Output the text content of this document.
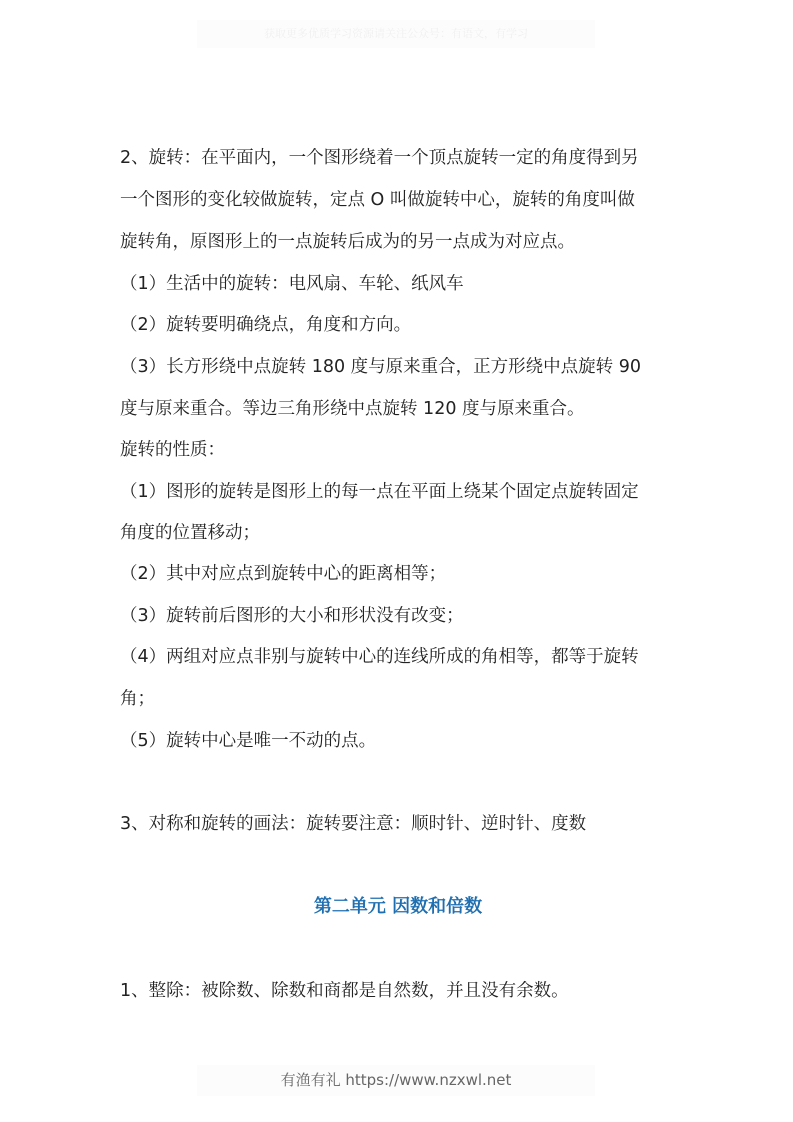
获取更多优质学习资源请关注公众号：有语文，有学习
2、旋转：在平面内，一个图形绕着一个顶点旋转一定的角度得到另
一个图形的变化较做旋转，定点 O 叫做旋转中心，旋转的角度叫做
旋转角，原图形上的一点旋转后成为的另一点成为对应点。
（1）生活中的旋转：电风扇、车轮、纸风车
（2）旋转要明确绕点，角度和方向。
（3）长方形绕中点旋转 180 度与原来重合，正方形绕中点旋转 90
度与原来重合。等边三角形绕中点旋转 120 度与原来重合。
旋转的性质：
（1）图形的旋转是图形上的每一点在平面上绕某个固定点旋转固定
角度的位置移动；
（2）其中对应点到旋转中心的距离相等；
（3）旋转前后图形的大小和形状没有改变；
（4）两组对应点非别与旋转中心的连线所成的角相等，都等于旋转
角；
（5）旋转中心是唯一不动的点。
3、对称和旋转的画法：旋转要注意：顺时针、逆时针、度数
第二单元 因数和倍数
1、整除：被除数、除数和商都是自然数，并且没有余数。
有渔有礼 https://www.nzxwl.net
